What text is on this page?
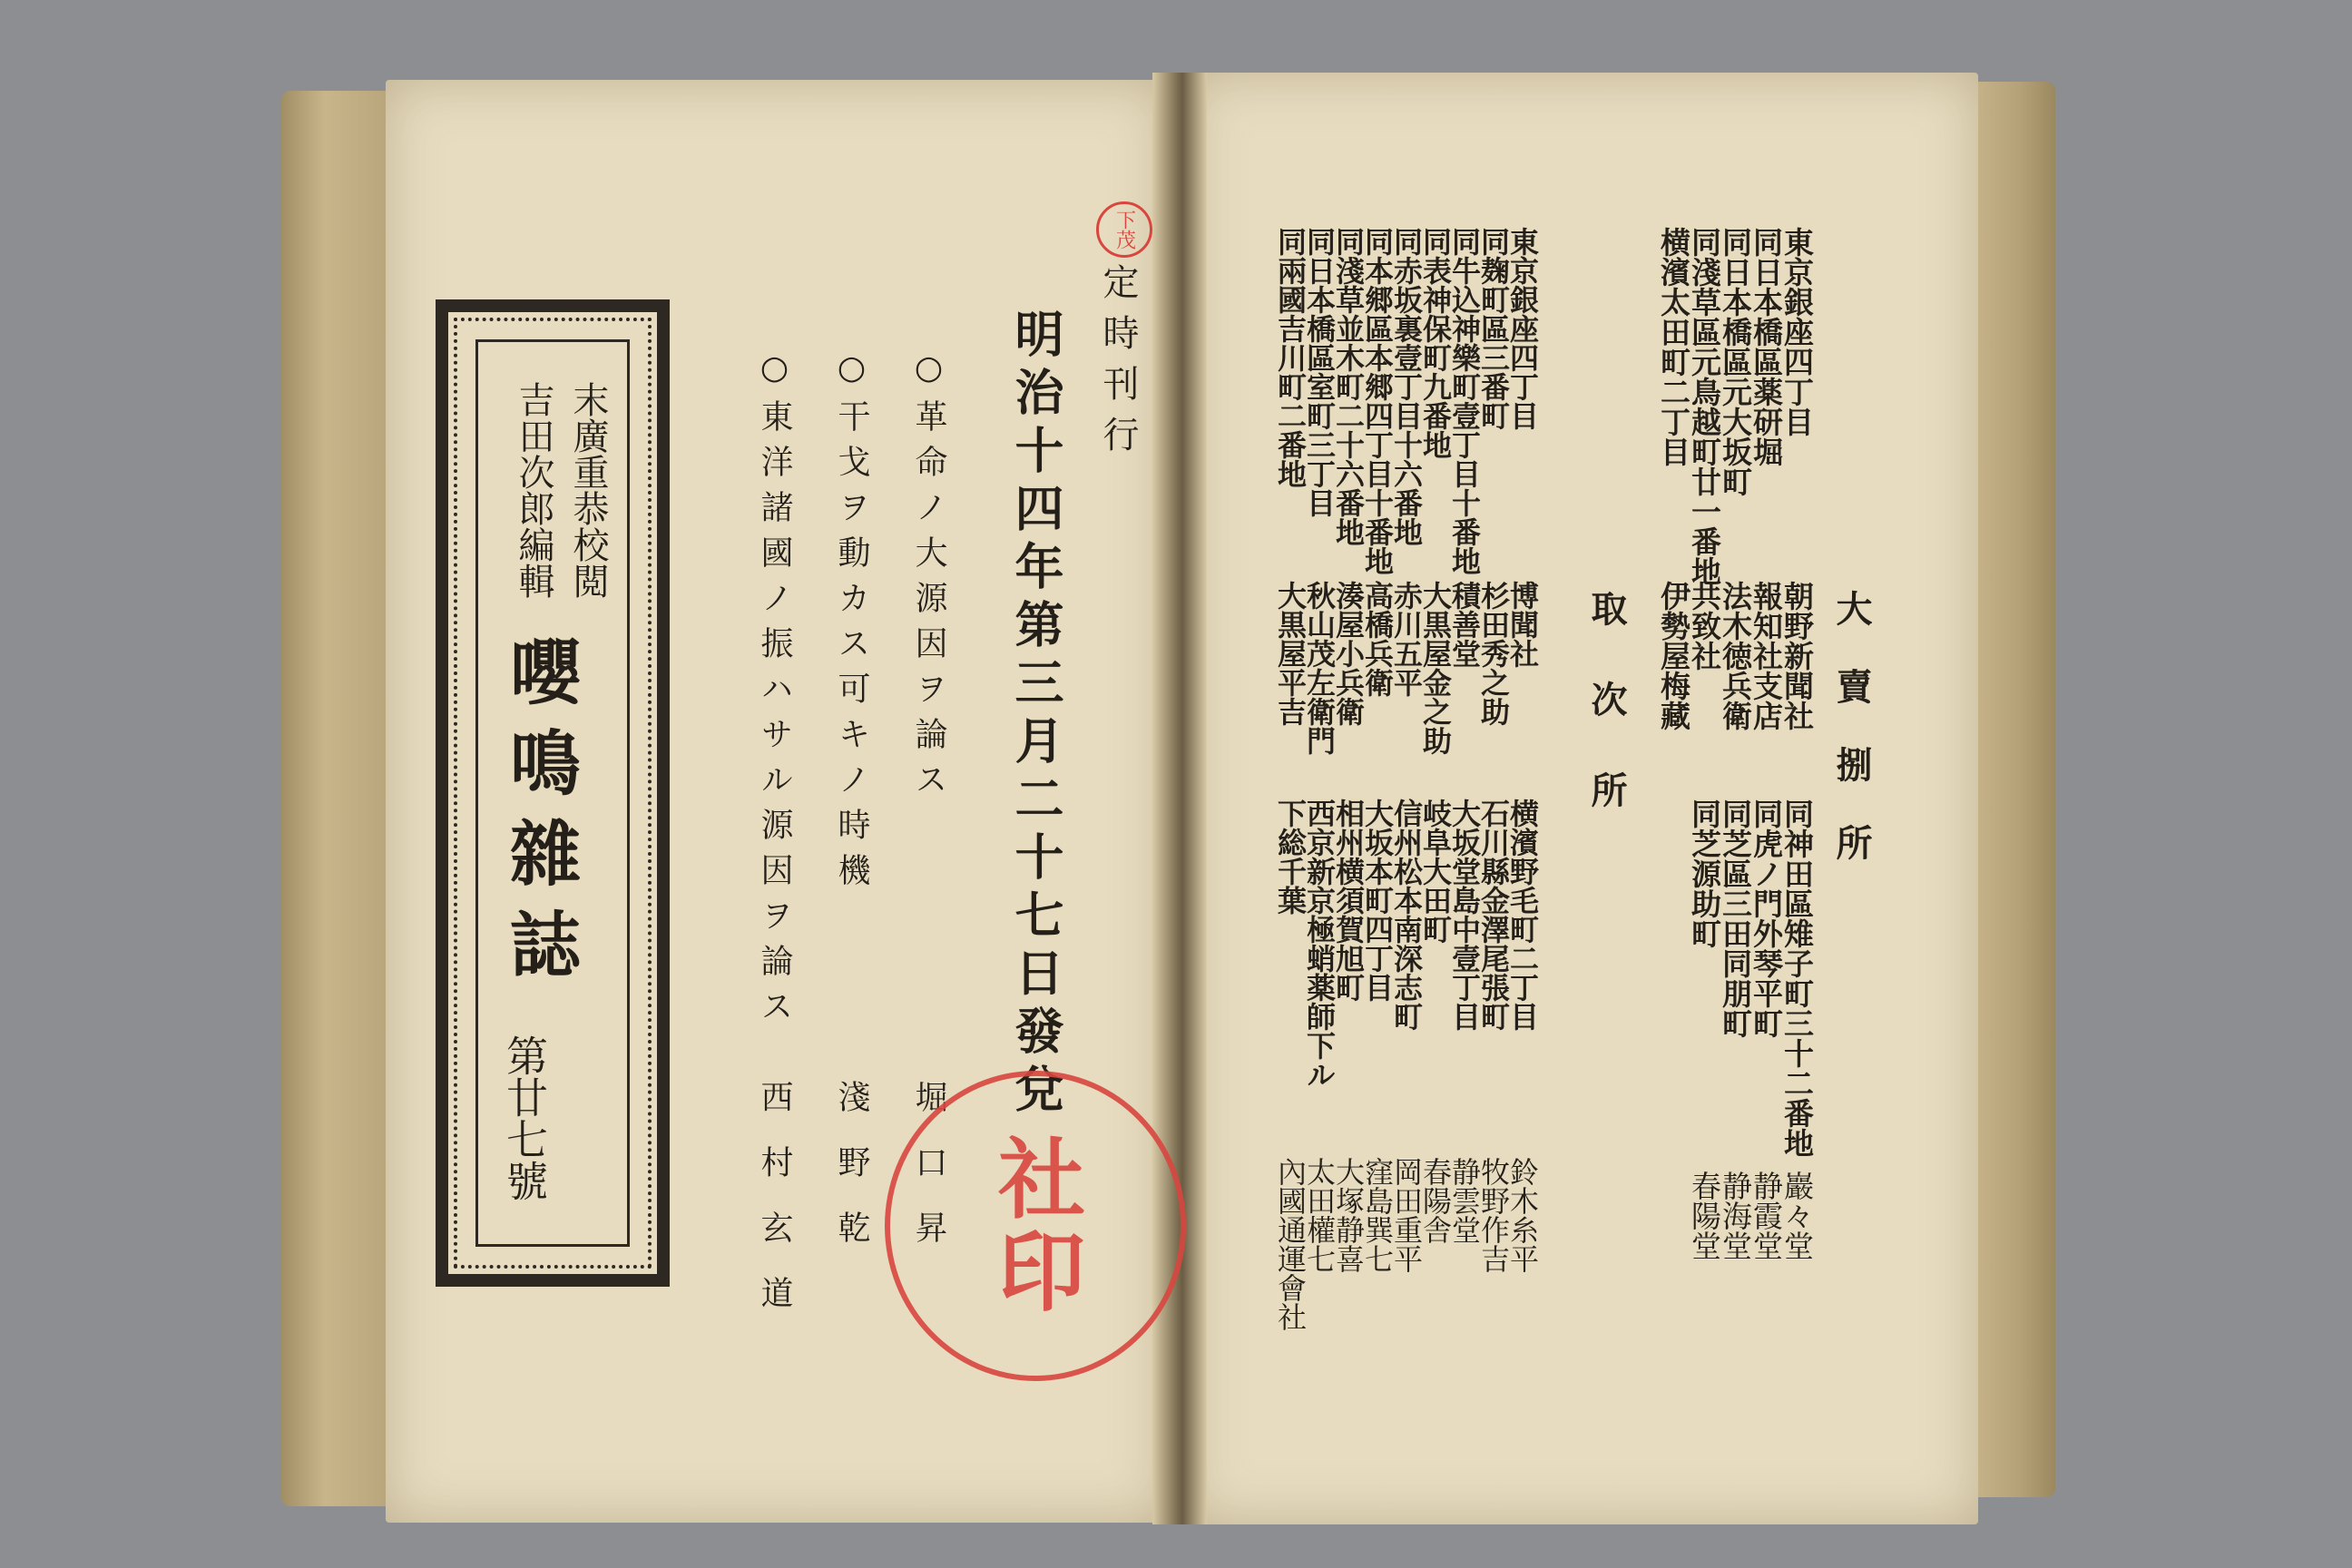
末廣重恭校閲
吉田次郎編輯
嚶鳴雜誌
第廿七號
下茂
定時刊行
明治十四年第三月二十七日發兌
○革命ノ大源因ヲ論ス
○干戈ヲ動カス可キノ時機
○東洋諸國ノ振ハサル源因ヲ論ス
堀口昇
淺野乾
西村玄道	社印
大賣捌所
東京銀座四丁目
同日本橋區薬研堀
同日本橋區元大坂町
同淺草區元鳥越町廿一番地
横濱太田町二丁目
朝野新聞社
報知社支店
法木徳兵衛
共致社
伊勢屋梅藏
同神田區雉子町三十二番地
同虎ノ門外琴平町
同芝區三田同朋町
同芝源助町
巖々堂
静霞堂
静海堂
春陽堂
取次所
東京銀座四丁目
同麹町區三番町
同牛込神樂町壹丁目十番地
同表神保町九番地
同赤坂裏壹丁目十六番地
同本郷區本郷四丁目十番地
同淺草並木町二十六番地
同日本橋區室町三丁目
同兩國吉川町二番地
博聞社
杉田秀之助
積善堂
大黒屋金之助
赤川五平
高橋兵衛
湊屋小兵衛
秋山茂左衛門
大黒屋平吉
横濱野毛町二丁目
石川縣金澤尾張町
大坂堂島中壹丁目
岐阜大田町
信州松本南深志町
大坂本町四丁目
相州横須賀旭町
西京新京極蛸薬師下ル
下総千葉
鈴木糸平
牧野作吉
静雲堂
春陽舎
岡田重平
窪島巽七
大塚静喜
太田權七
內國通運會社
